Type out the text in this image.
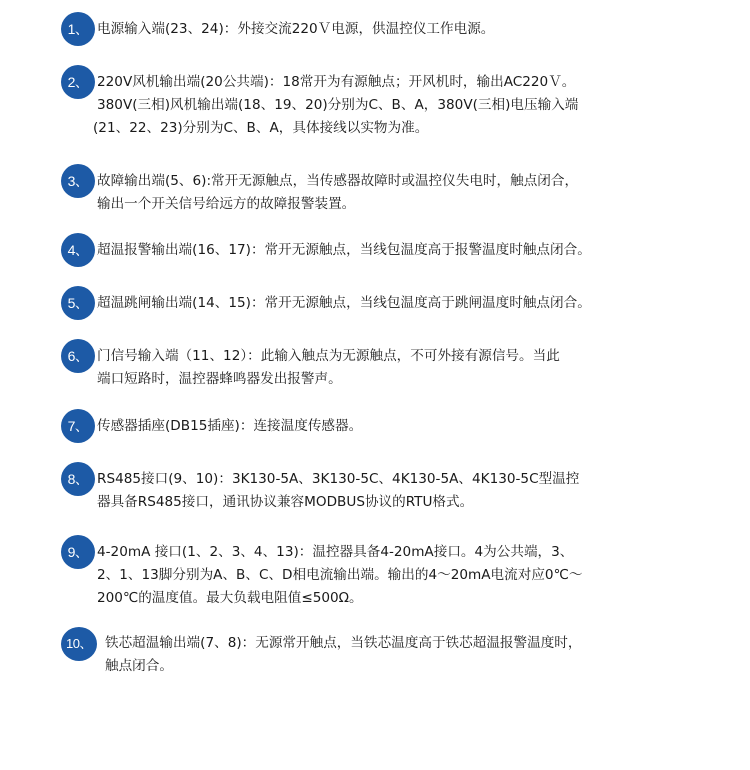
1、 电源输入端(23、24)：外接交流220Ｖ电源，供温控仪工作电源。
2、 220V风机输出端(20公共端)：18常开为有源触点；开风机时，输出AC220Ｖ。
380V(三相)风机输出端(18、19、20)分别为C、B、A，380V(三相)电压输入端
(21、22、23)分别为C、B、A，具体接线以实物为准。
3、 故障输出端(5、6):常开无源触点，当传感器故障时或温控仪失电时，触点闭合，
输出一个开关信号给远方的故障报警装置。
4、 超温报警输出端(16、17)：常开无源触点，当线包温度高于报警温度时触点闭合。
5、 超温跳闸输出端(14、15)：常开无源触点，当线包温度高于跳闸温度时触点闭合。
6、 门信号输入端（11、12）：此输入触点为无源触点，不可外接有源信号。当此
端口短路时，温控器蜂鸣器发出报警声。
7、 传感器插座(DB15插座)：连接温度传感器。
8、 RS485接口(9、10)：3K130-5A、3K130-5C、4K130-5A、4K130-5C型温控
器具备RS485接口，通讯协议兼容MODBUS协议的RTU格式。
9、 4-20mA 接口(1、2、3、4、13)：温控器具备4-20mA接口。4为公共端，3、
2、1、13脚分别为A、B、C、D相电流输出端。输出的4～20mA电流对应0℃～
200℃的温度值。最大负载电阻值≤500Ω。
10、 铁芯超温输出端(7、8)：无源常开触点，当铁芯温度高于铁芯超温报警温度时，
触点闭合。
